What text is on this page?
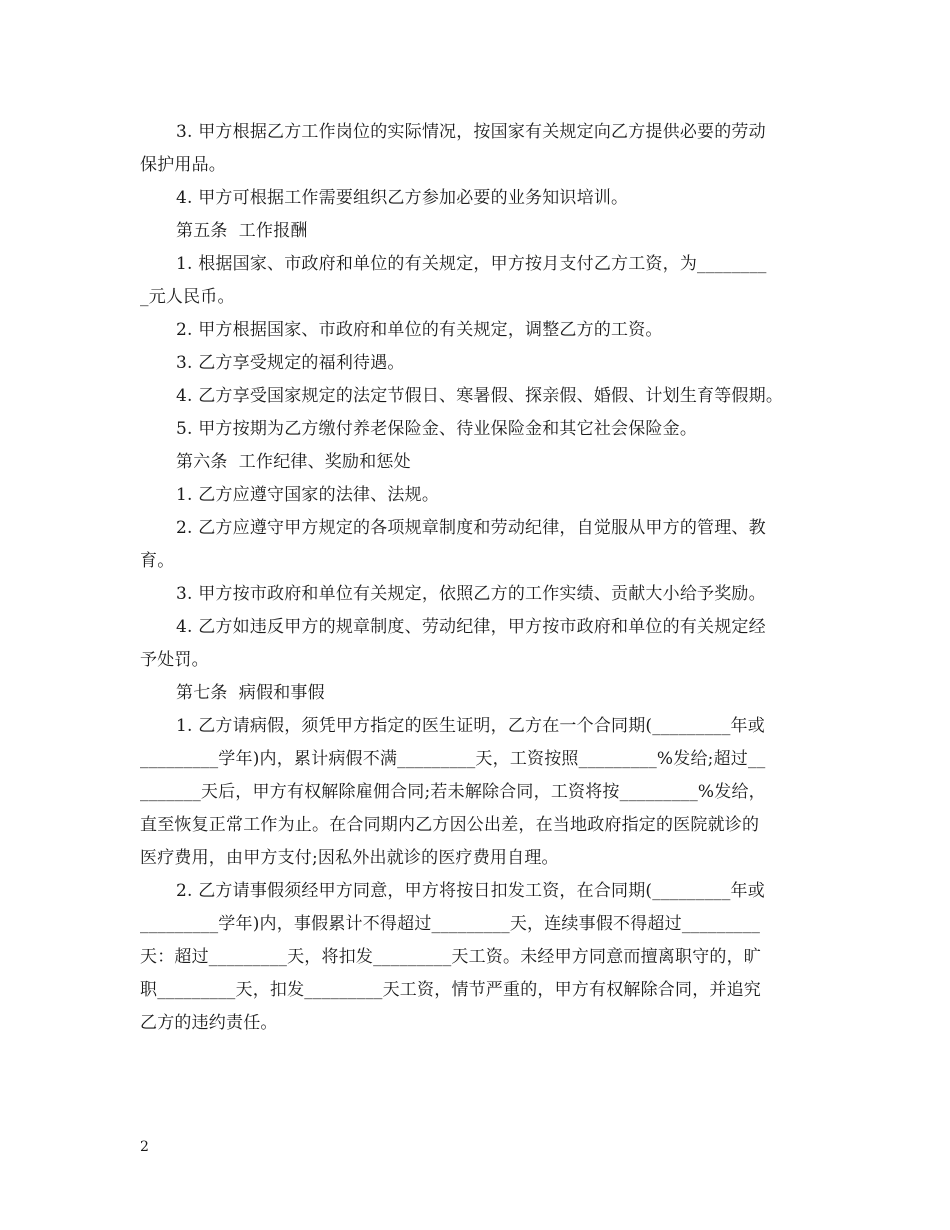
3. 甲方根据乙方工作岗位的实际情况，按国家有关规定向乙方提供必要的劳动
保护用品。
4. 甲方可根据工作需要组织乙方参加必要的业务知识培训。
第五条  工作报酬
1. 根据国家、市政府和单位的有关规定，甲方按月支付乙方工资，为________
_元人民币。
2. 甲方根据国家、市政府和单位的有关规定，调整乙方的工资。
3. 乙方享受规定的福利待遇。
4. 乙方享受国家规定的法定节假日、寒暑假、探亲假、婚假、计划生育等假期。
5. 甲方按期为乙方缴付养老保险金、待业保险金和其它社会保险金。
第六条  工作纪律、奖励和惩处
1. 乙方应遵守国家的法律、法规。
2. 乙方应遵守甲方规定的各项规章制度和劳动纪律，自觉服从甲方的管理、教
育。
3. 甲方按市政府和单位有关规定，依照乙方的工作实绩、贡献大小给予奖励。
4. 乙方如违反甲方的规章制度、劳动纪律，甲方按市政府和单位的有关规定经
予处罚。
第七条  病假和事假
1. 乙方请病假，须凭甲方指定的医生证明，乙方在一个合同期(_________年或
_________学年)内，累计病假不满_________天，工资按照_________%发给;超过__
_______天后，甲方有权解除雇佣合同;若未解除合同，工资将按_________%发给，
直至恢复正常工作为止。在合同期内乙方因公出差，在当地政府指定的医院就诊的
医疗费用，由甲方支付;因私外出就诊的医疗费用自理。
2. 乙方请事假须经甲方同意，甲方将按日扣发工资，在合同期(_________年或
_________学年)内，事假累计不得超过_________天，连续事假不得超过_________
天：超过_________天，将扣发_________天工资。未经甲方同意而擅离职守的，旷
职_________天，扣发_________天工资，情节严重的，甲方有权解除合同，并追究
乙方的违约责任。
2
